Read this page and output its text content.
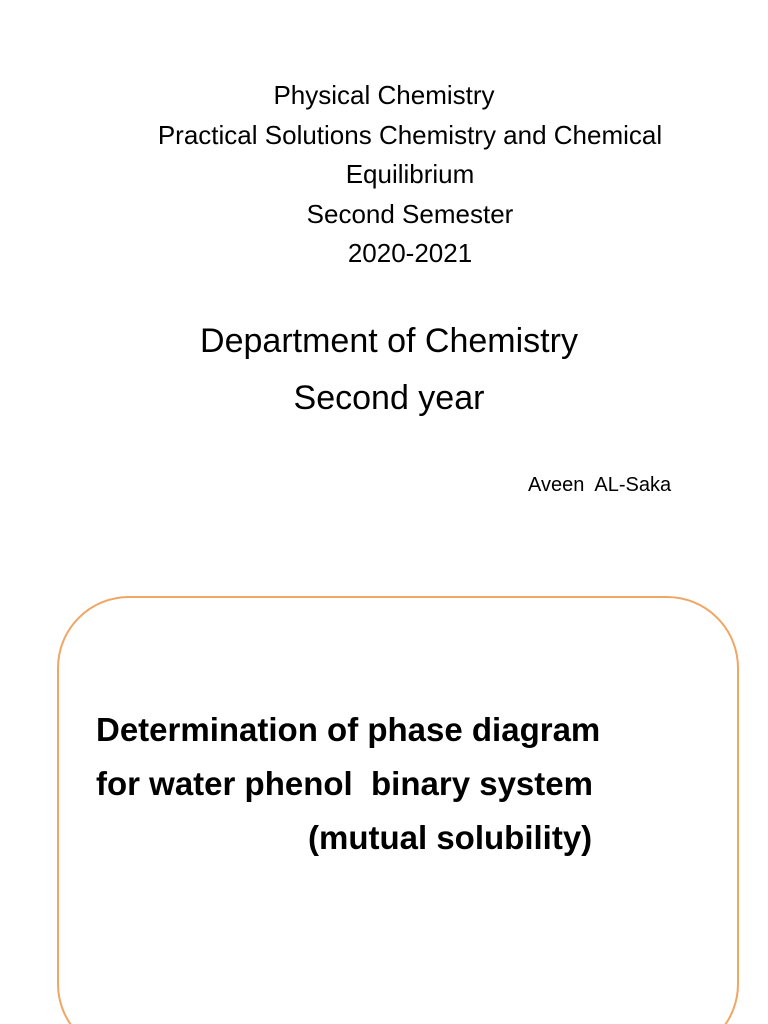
Physical Chemistry
Practical Solutions Chemistry and Chemical
Equilibrium
Second Semester
2020-2021
Department of Chemistry
Second year
Aveen  AL-Saka
Determination of phase diagram
for water phenol  binary system
(mutual solubility)
